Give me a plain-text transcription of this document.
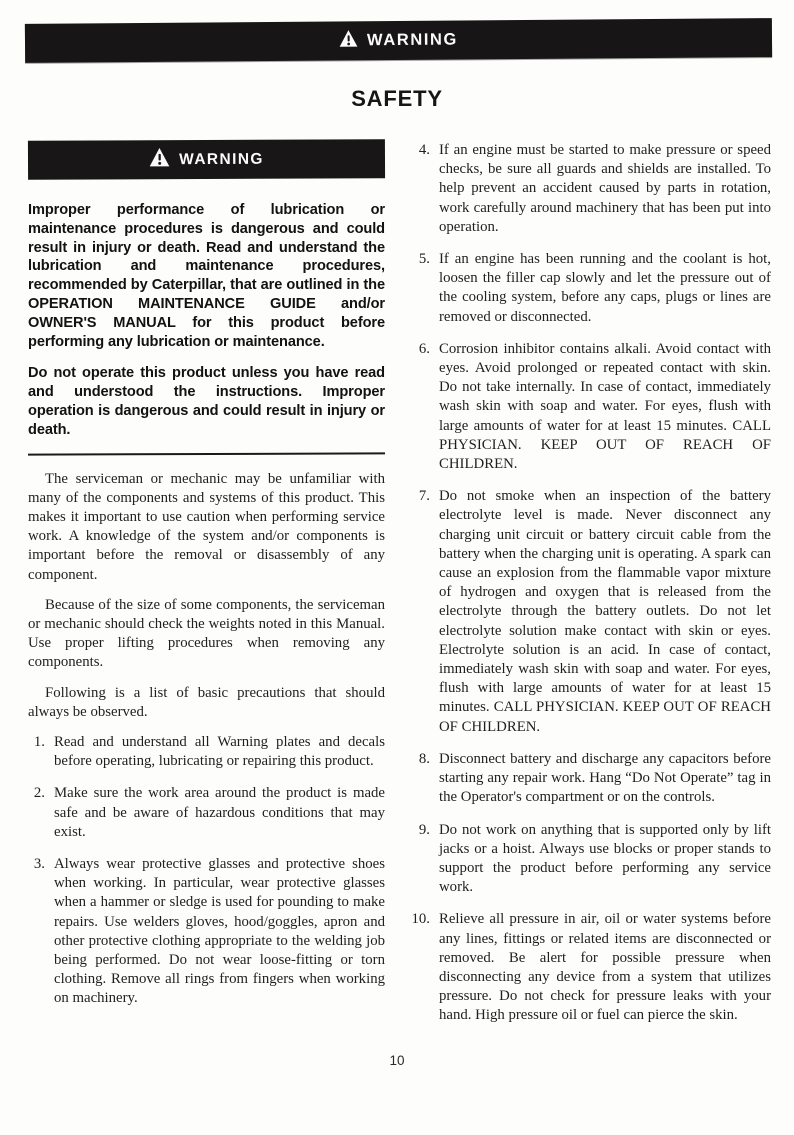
WARNING
SAFETY
WARNING

Improper performance of lubrication or maintenance procedures is dangerous and could result in injury or death. Read and understand the lubrication and maintenance procedures, recommended by Caterpillar, that are outlined in the OPERATION MAINTENANCE GUIDE and/or OWNER'S MANUAL for this product before performing any lubrication or maintenance.

Do not operate this product unless you have read and understood the instructions. Improper operation is dangerous and could result in injury or death.

The serviceman or mechanic may be unfamiliar with many of the components and systems of this product. This makes it important to use caution when performing service work. A knowledge of the system and/or components is important before the removal or disassembly of any component.

Because of the size of some components, the serviceman or mechanic should check the weights noted in this Manual. Use proper lifting procedures when removing any components.

Following is a list of basic precautions that should always be observed.

1. Read and understand all Warning plates and decals before operating, lubricating or repairing this product.
2. Make sure the work area around the product is made safe and be aware of hazardous conditions that may exist.
3. Always wear protective glasses and protective shoes when working. In particular, wear protective glasses when a hammer or sledge is used for pounding to make repairs. Use welders gloves, hood/goggles, apron and other protective clothing appropriate to the welding job being performed. Do not wear loose-fitting or torn clothing. Remove all rings from fingers when working on machinery.
4. If an engine must be started to make pressure or speed checks, be sure all guards and shields are installed. To help prevent an accident caused by parts in rotation, work carefully around machinery that has been put into operation.
5. If an engine has been running and the coolant is hot, loosen the filler cap slowly and let the pressure out of the cooling system, before any caps, plugs or lines are removed or disconnected.
6. Corrosion inhibitor contains alkali. Avoid contact with eyes. Avoid prolonged or repeated contact with skin. Do not take internally. In case of contact, immediately wash skin with soap and water. For eyes, flush with large amounts of water for at least 15 minutes. CALL PHYSICIAN. KEEP OUT OF REACH OF CHILDREN.
7. Do not smoke when an inspection of the battery electrolyte level is made. Never disconnect any charging unit circuit or battery circuit cable from the battery when the charging unit is operating. A spark can cause an explosion from the flammable vapor mixture of hydrogen and oxygen that is released from the electrolyte through the battery outlets. Do not let electrolyte solution make contact with skin or eyes. Electrolyte solution is an acid. In case of contact, immediately wash skin with soap and water. For eyes, flush with large amounts of water for at least 15 minutes. CALL PHYSICIAN. KEEP OUT OF REACH OF CHILDREN.
8. Disconnect battery and discharge any capacitors before starting any repair work. Hang “Do Not Operate” tag in the Operator's compartment or on the controls.
9. Do not work on anything that is supported only by lift jacks or a hoist. Always use blocks or proper stands to support the product before performing any service work.
10. Relieve all pressure in air, oil or water systems before any lines, fittings or related items are disconnected or removed. Be alert for possible pressure when disconnecting any device from a system that utilizes pressure. Do not check for pressure leaks with your hand. High pressure oil or fuel can pierce the skin.
10
